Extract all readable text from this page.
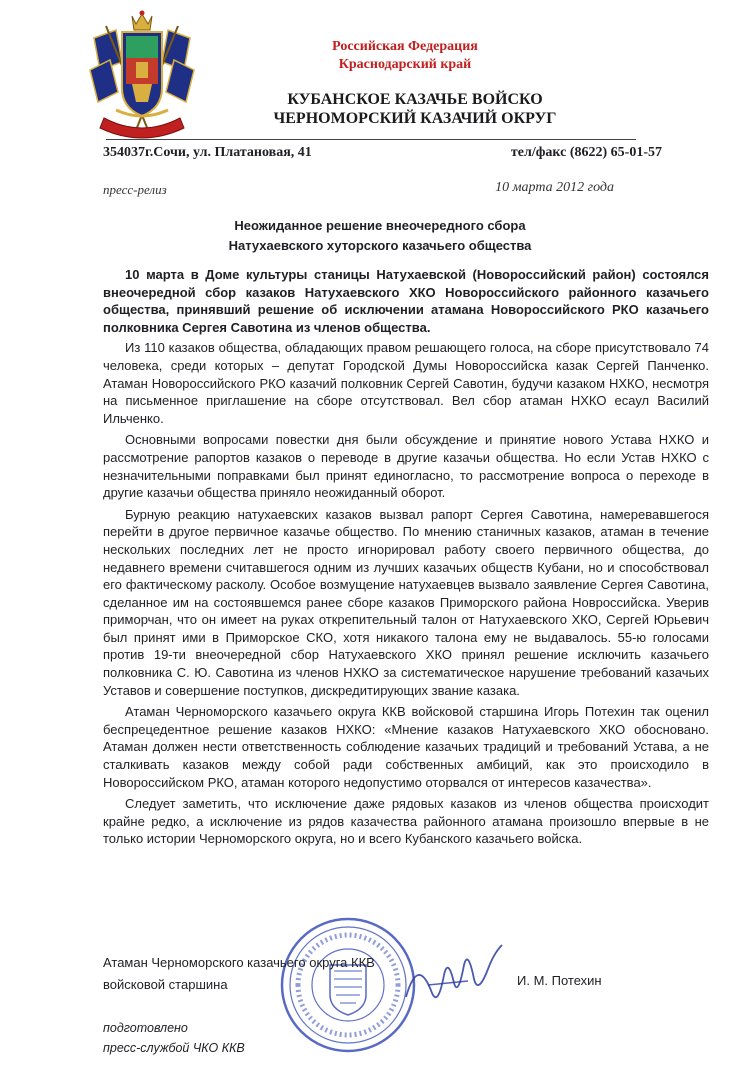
Российская Федерация
Краснодарский край
КУБАНСКОЕ КАЗАЧЬЕ ВОЙСКО
ЧЕРНОМОРСКИЙ КАЗАЧИЙ ОКРУГ
354037г.Сочи, ул. Платановая, 41	тел/факс (8622) 65-01-57
пресс-релиз	10 марта 2012 года
Неожиданное решение внеочередного сбора
Натухаевского хуторского казачьего общества

10 марта в Доме культуры станицы Натухаевской (Новороссийский район) состоялся внеочередной сбор казаков Натухаевского ХКО Новороссийского районного казачьего общества, принявший решение об исключении атамана Новороссийского РКО казачьего полковника Сергея Савотина из членов общества.

Из 110 казаков общества, обладающих правом решающего голоса, на сборе присутствовало 74 человека, среди которых – депутат Городской Думы Новороссийска казак Сергей Панченко. Атаман Новороссийского РКО казачий полковник Сергей Савотин, будучи казаком НХКО, несмотря на письменное приглашение на сборе отсутствовал. Вел сбор атаман НХКО есаул Василий Ильченко.

Основными вопросами повестки дня были обсуждение и принятие нового Устава НХКО и рассмотрение рапортов казаков о переводе в другие казачьи общества. Но если Устав НХКО с незначительными поправками был принят единогласно, то рассмотрение вопроса о переходе в другие казачьи общества приняло неожиданный оборот.

Бурную реакцию натухаевских казаков вызвал рапорт Сергея Савотина, намеревавшегося перейти в другое первичное казачье общество. По мнению станичных казаков, атаман в течение нескольких последних лет не просто игнорировал работу своего первичного общества, до недавнего времени считавшегося одним из лучших казачьих обществ Кубани, но и способствовал его фактическому расколу. Особое возмущение натухаевцев вызвало заявление Сергея Савотина, сделанное им на состоявшемся ранее сборе казаков Приморского района Новроссийска. Уверив приморчан, что он имеет на руках открепительный талон от Натухаевского ХКО, Сергей Юрьевич был принят ими в Приморское СКО, хотя никакого талона ему не выдавалось. 55-ю голосами против 19-ти внеочередной сбор Натухаевского ХКО принял решение исключить казачьего полковника С. Ю. Савотина из членов НХКО за систематическое нарушение требований казачьих Уставов и совершение поступков, дискредитирующих звание казака.

Атаман Черноморского казачьего округа ККВ войсковой старшина Игорь Потехин так оценил беспрецедентное решение казаков НХКО: «Мнение казаков Натухаевского ХКО обосновано. Атаман должен нести ответственность соблюдение казачьих традиций и требований Устава, а не сталкивать казаков между собой ради собственных амбиций, как это происходило в Новороссийском РКО, атаман которого недопустимо оторвался от интересов казачества».

Следует заметить, что исключение даже рядовых казаков из членов общества происходит крайне редко, а исключение из рядов казачества районного атамана произошло впервые в не только истории Черноморского округа, но и всего Кубанского казачьего войска.

Атаман Черноморского казачьего округа ККВ
войсковой старшина	И. М. Потехин
подготовлено
пресс-службой ЧКО ККВ
